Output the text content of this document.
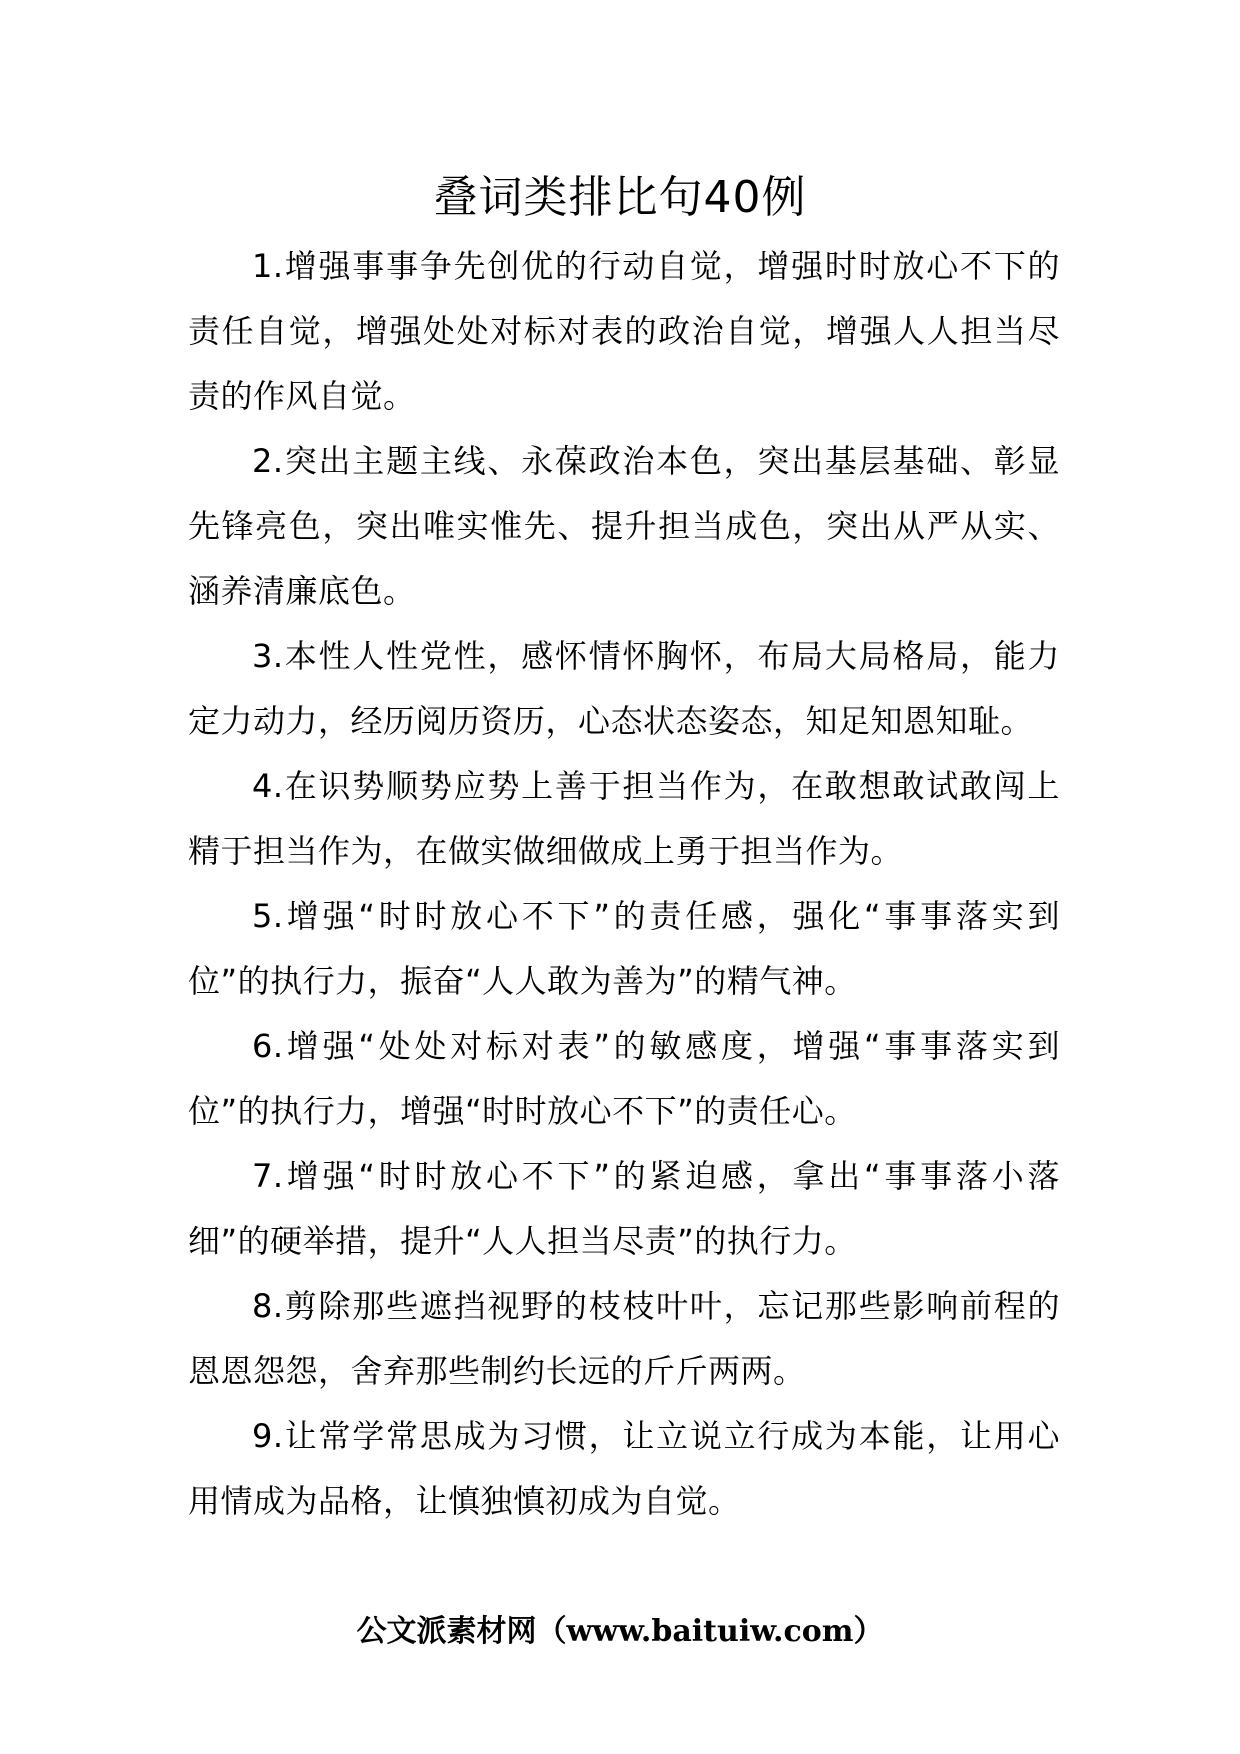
叠词类排比句40例

1.增强事事争先创优的行动自觉，增强时时放心不下的责任自觉，增强处处对标对表的政治自觉，增强人人担当尽责的作风自觉。

2.突出主题主线、永葆政治本色，突出基层基础、彰显先锋亮色，突出唯实惟先、提升担当成色，突出从严从实、涵养清廉底色。

3.本性人性党性，感怀情怀胸怀，布局大局格局，能力定力动力，经历阅历资历，心态状态姿态，知足知恩知耻。

4.在识势顺势应势上善于担当作为，在敢想敢试敢闯上精于担当作为，在做实做细做成上勇于担当作为。

5.增强“时时放心不下”的责任感，强化“事事落实到位”的执行力，振奋“人人敢为善为”的精气神。

6.增强“处处对标对表”的敏感度，增强“事事落实到位”的执行力，增强“时时放心不下”的责任心。

7.增强“时时放心不下”的紧迫感，拿出“事事落小落细”的硬举措，提升“人人担当尽责”的执行力。

8.剪除那些遮挡视野的枝枝叶叶，忘记那些影响前程的恩恩怨怨，舍弃那些制约长远的斤斤两两。

9.让常学常思成为习惯，让立说立行成为本能，让用心用情成为品格，让慎独慎初成为自觉。

公文派素材网（www.baituiw.com）
